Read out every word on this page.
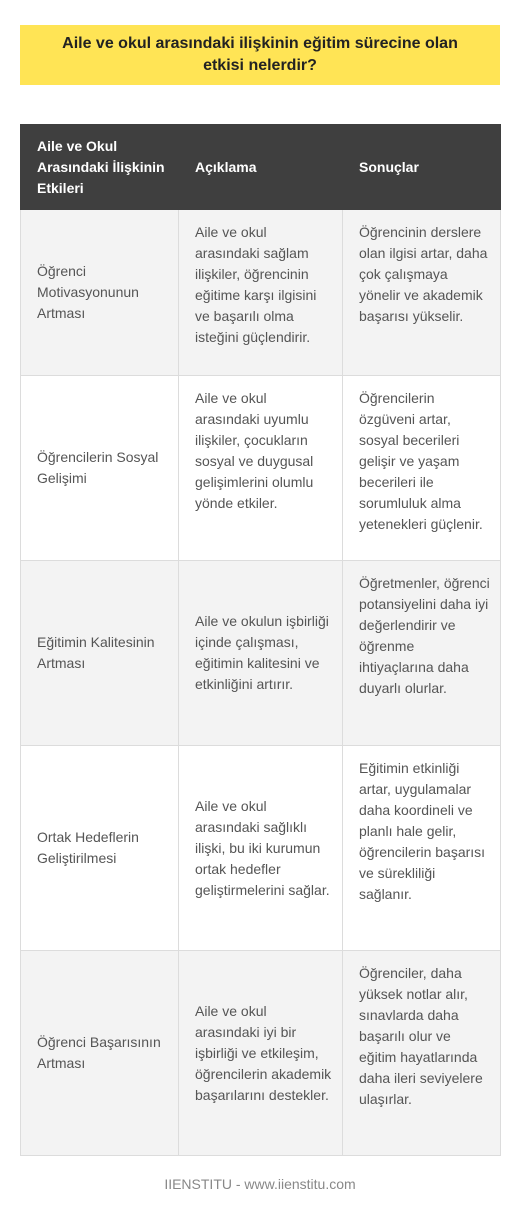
Aile ve okul arasındaki ilişkinin eğitim sürecine olan etkisi nelerdir?
Aile ve Okul Arasındaki İlişkinin Etkileri	Açıklama	Sonuçlar
Öğrenci Motivasyonunun Artması	Aile ve okul arasındaki sağlam ilişkiler, öğrencinin eğitime karşı ilgisini ve başarılı olma isteğini güçlendirir.	Öğrencinin derslere olan ilgisi artar, daha çok çalışmaya yönelir ve akademik başarısı yükselir.
Öğrencilerin Sosyal Gelişimi	Aile ve okul arasındaki uyumlu ilişkiler, çocukların sosyal ve duygusal gelişimlerini olumlu yönde etkiler.	Öğrencilerin özgüveni artar, sosyal becerileri gelişir ve yaşam becerileri ile sorumluluk alma yetenekleri güçlenir.
Eğitimin Kalitesinin Artması	Aile ve okulun işbirliği içinde çalışması, eğitimin kalitesini ve etkinliğini artırır.	Öğretmenler, öğrenci potansiyelini daha iyi değerlendirir ve öğrenme ihtiyaçlarına daha duyarlı olurlar.
Ortak Hedeflerin Geliştirilmesi	Aile ve okul arasındaki sağlıklı ilişki, bu iki kurumun ortak hedefler geliştirmelerini sağlar.	Eğitimin etkinliği artar, uygulamalar daha koordineli ve planlı hale gelir, öğrencilerin başarısı ve sürekliliği sağlanır.
Öğrenci Başarısının Artması	Aile ve okul arasındaki iyi bir işbirliği ve etkileşim, öğrencilerin akademik başarılarını destekler.	Öğrenciler, daha yüksek notlar alır, sınavlarda daha başarılı olur ve eğitim hayatlarında daha ileri seviyelere ulaşırlar.
IIENSTITU - www.iienstitu.com
